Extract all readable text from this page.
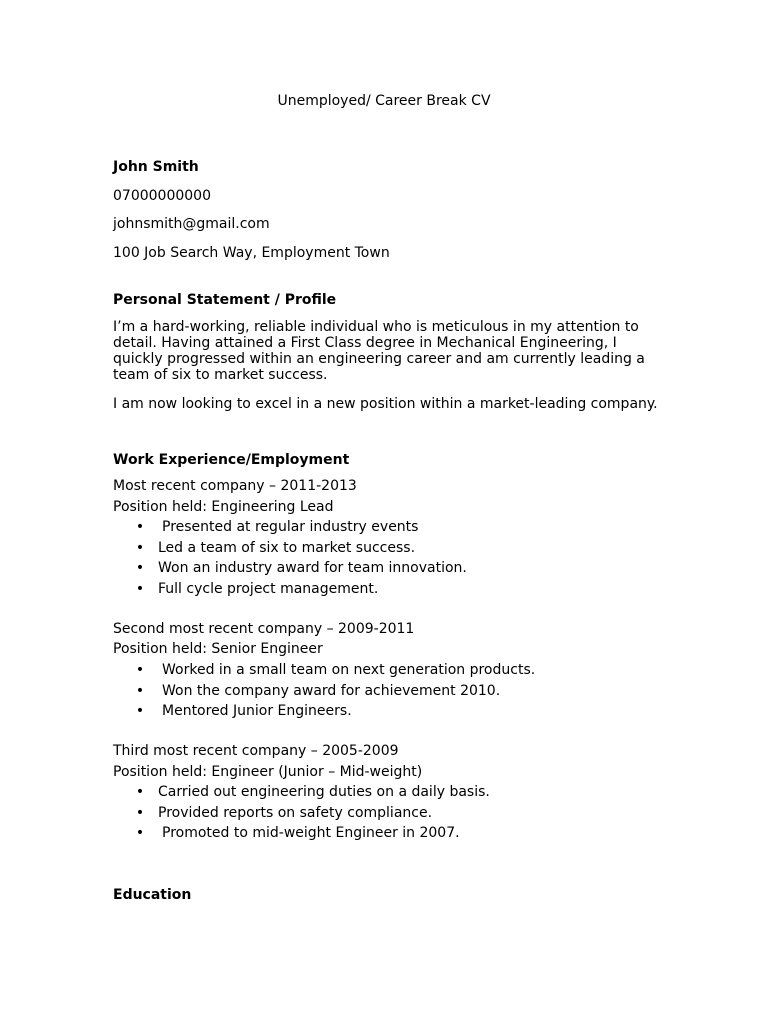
Unemployed/ Career Break CV
John Smith
07000000000
johnsmith@gmail.com
100 Job Search Way, Employment Town
Personal Statement / Profile
I’m a hard-working, reliable individual who is meticulous in my attention to detail. Having attained a First Class degree in Mechanical Engineering, I quickly progressed within an engineering career and am currently leading a team of six to market success.
I am now looking to excel in a new position within a market-leading company.
Work Experience/Employment
Most recent company – 2011-2013
Position held: Engineering Lead
• Presented at regular industry events
• Led a team of six to market success.
• Won an industry award for team innovation.
• Full cycle project management.
Second most recent company – 2009-2011
Position held: Senior Engineer
• Worked in a small team on next generation products.
• Won the company award for achievement 2010.
• Mentored Junior Engineers.
Third most recent company – 2005-2009
Position held: Engineer (Junior – Mid-weight)
• Carried out engineering duties on a daily basis.
• Provided reports on safety compliance.
• Promoted to mid-weight Engineer in 2007.
Education
